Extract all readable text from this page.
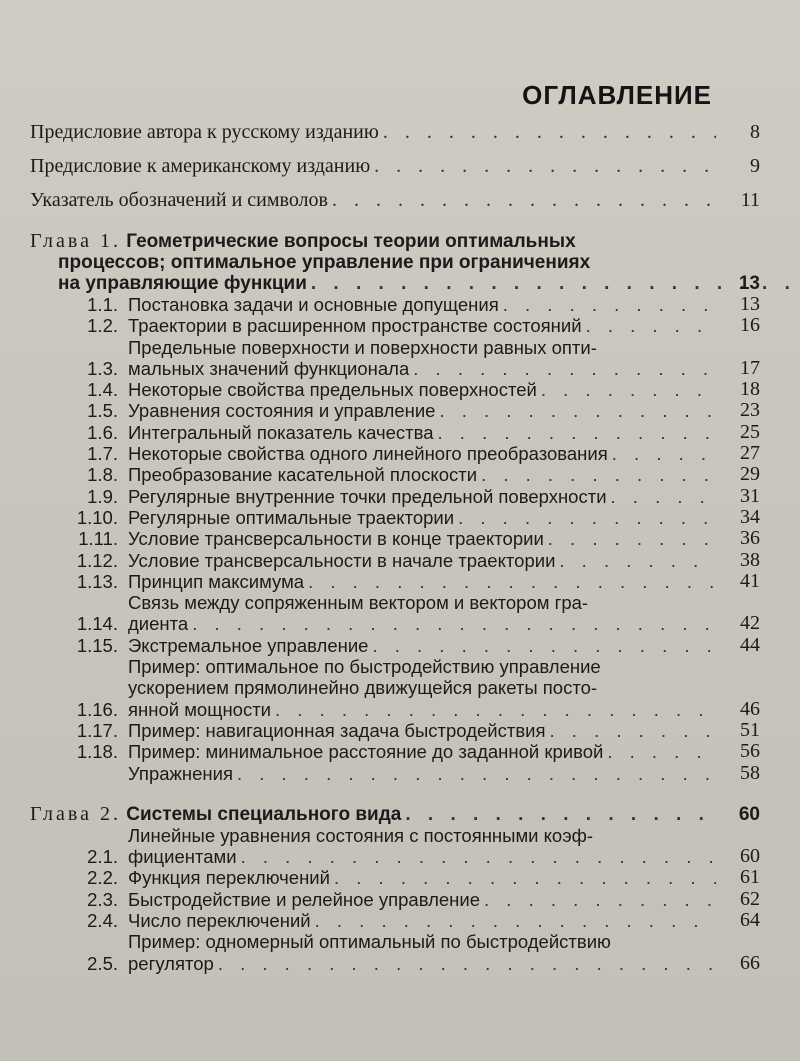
ОГЛАВЛЕНИЕ
Предисловие автора к русскому изданию . . .	8
Предисловие к американскому изданию . . .	9
Указатель обозначений и символов . . .	11
Глава 1. Геометрические вопросы теории оптимальных
процессов; оптимальное управление при ограничениях
на управляющие функции . . .	13
1.1. Постановка задачи и основные допущения . . .	13
1.2. Траектории в расширенном пространстве состояний . . .	16
1.3.
Предельные поверхности и поверхности равных опти-
мальных значений функционала . . .	17
1.4. Некоторые свойства предельных поверхностей . . .	18
1.5. Уравнения состояния и управление . . .	23
1.6. Интегральный показатель качества . . .	25
1.7. Некоторые свойства одного линейного преобразования . . .	27
1.8. Преобразование касательной плоскости . . .	29
1.9. Регулярные внутренние точки предельной поверхности . . .	31
1.10. Регулярные оптимальные траектории . . .	34
1.11. Условие трансверсальности в конце траектории . . .	36
1.12. Условие трансверсальности в начале траектории . . .	38
1.13. Принцип максимума . . .	41
1.14.
Связь между сопряженным вектором и вектором гра-
диента . . .	42
1.15. Экстремальное управление . . .	44
1.16.
Пример: оптимальное по быстродействию управление
ускорением прямолинейно движущейся ракеты посто-
янной мощности . . .	46
1.17. Пример: навигационная задача быстродействия . . .	51
1.18. Пример: минимальное расстояние до заданной кривой . . .	56
Упражнения . . .	58
Глава 2. Системы специального вида . . .	60
2.1.
Линейные уравнения состояния с постоянными коэф-
фициентами . . .	60
2.2. Функция переключений . . .	61
2.3. Быстродействие и релейное управление . . .	62
2.4. Число переключений . . .	64
2.5.
Пример: одномерный оптимальный по быстродействию
регулятор . . .	66
